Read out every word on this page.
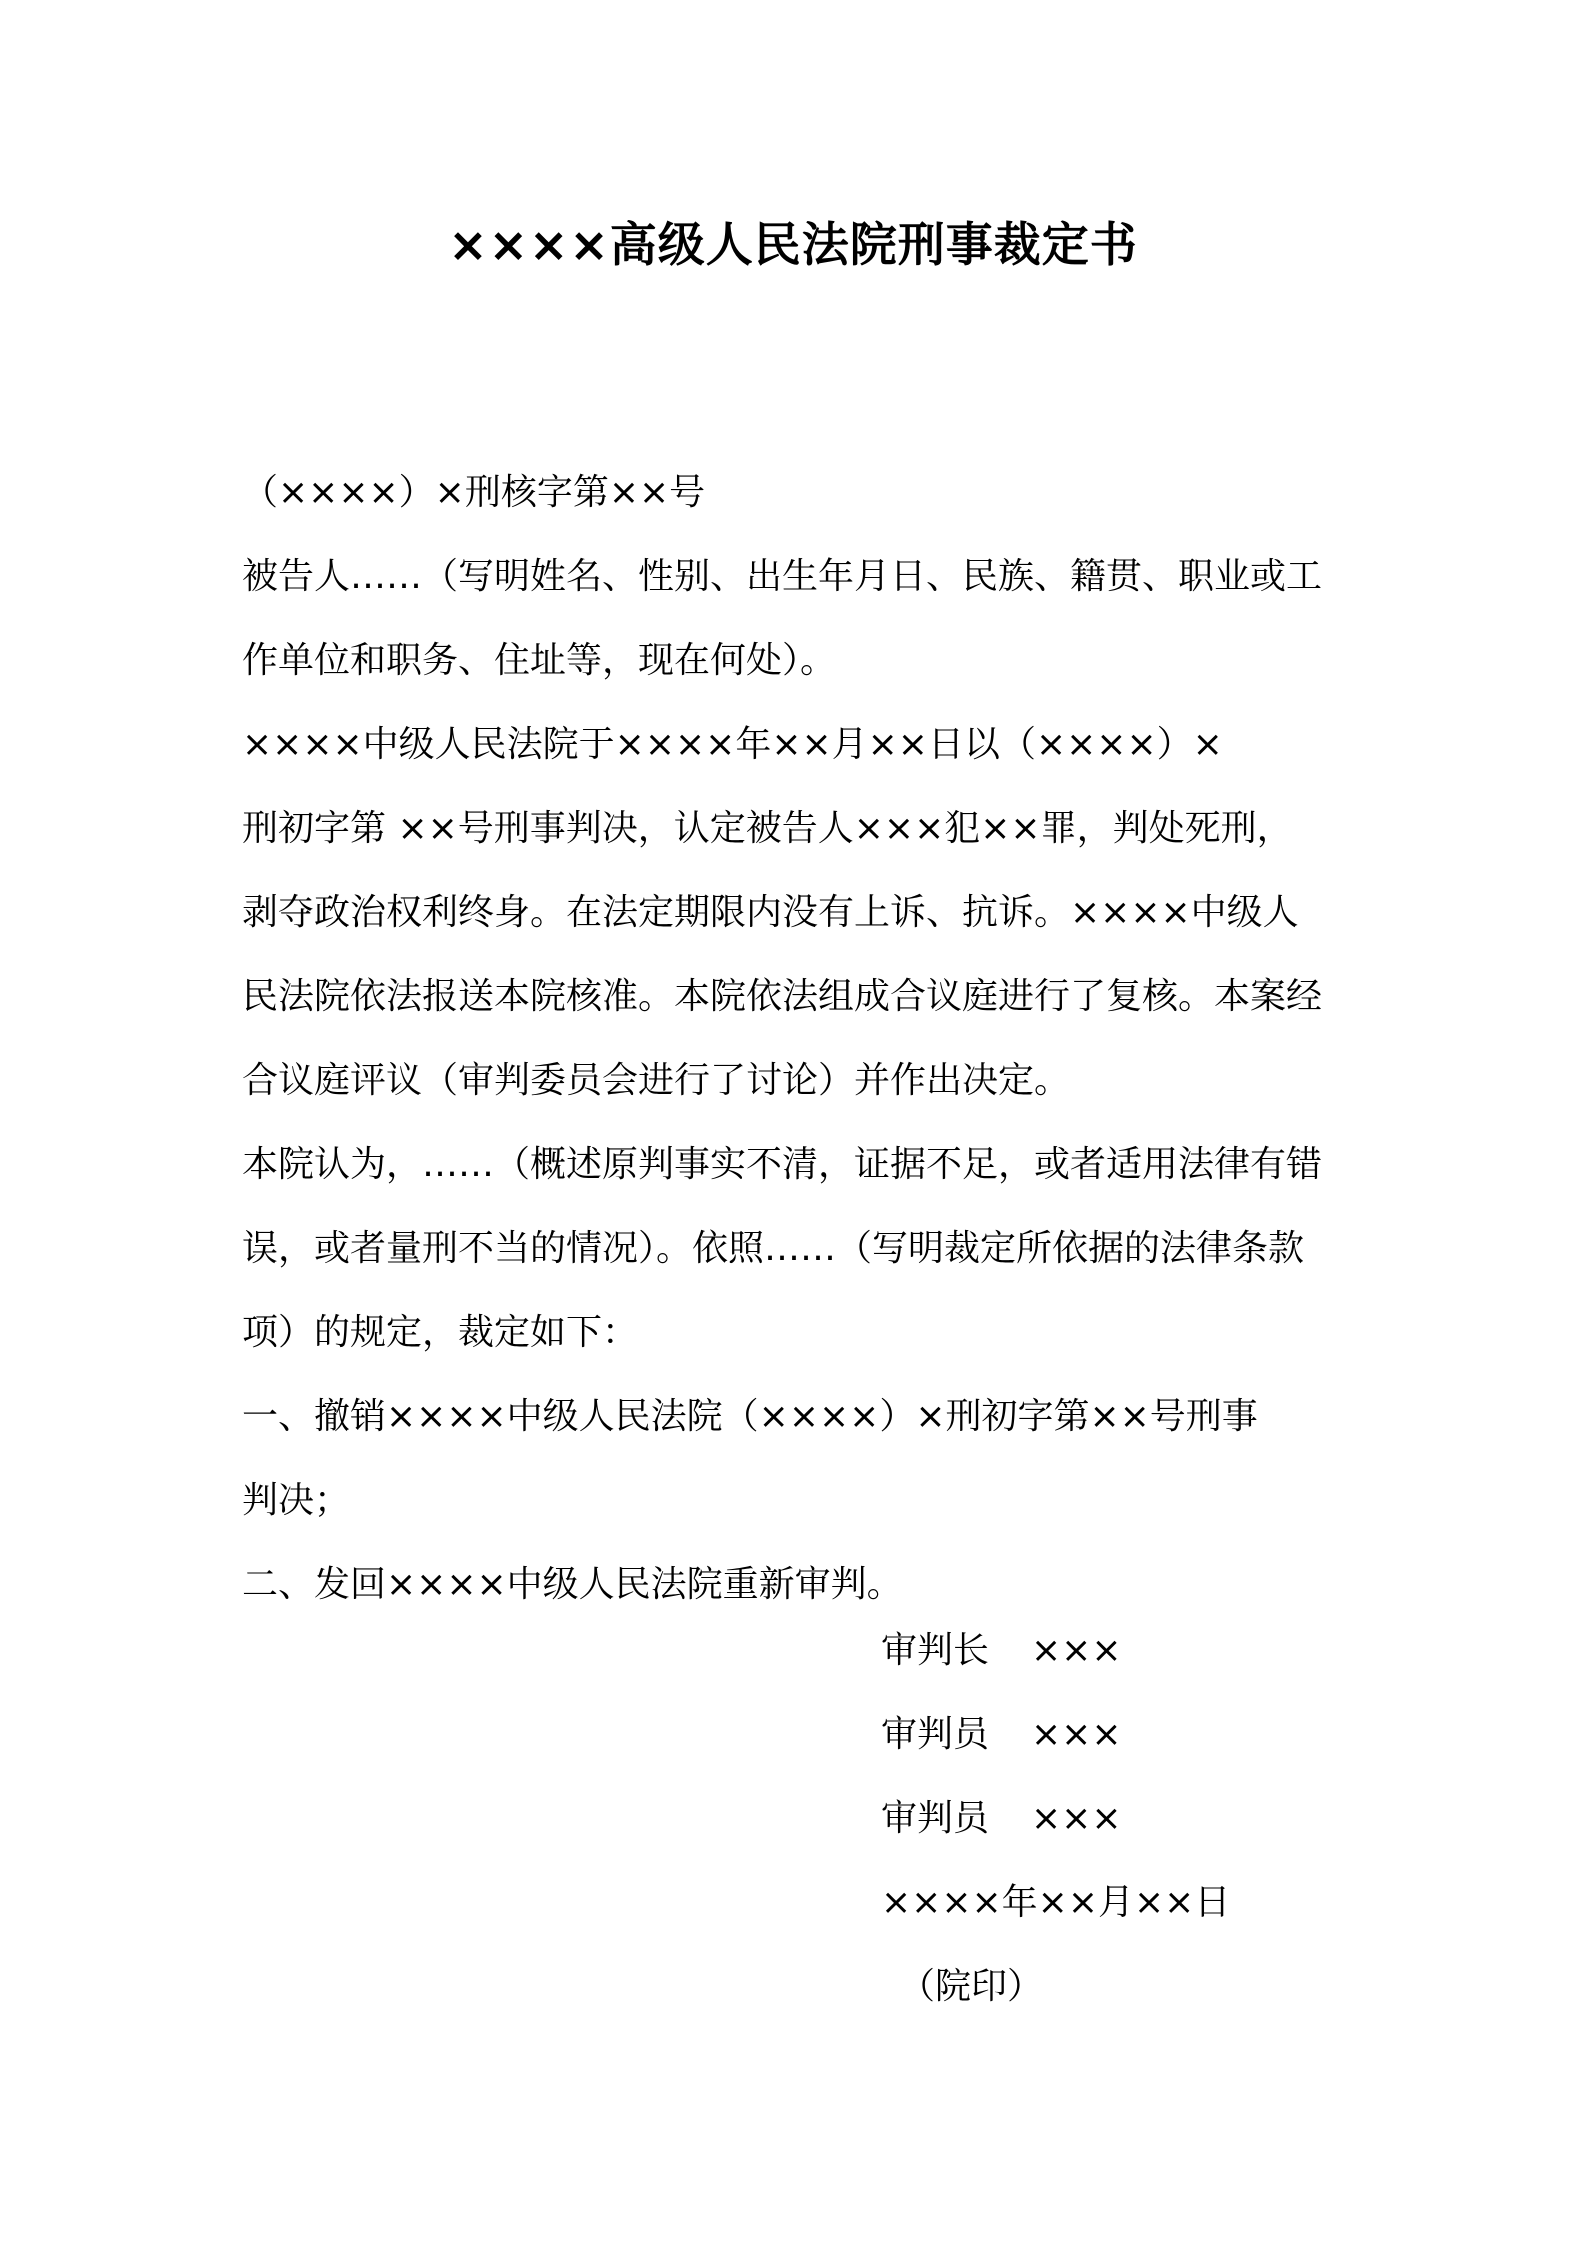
××××高级人民法院刑事裁定书
（××××）×刑核字第××号
被告人……（写明姓名、性别、出生年月日、民族、籍贯、职业或工
作单位和职务、住址等，现在何处）。
××××中级人民法院于××××年××月××日以（××××）×
刑初字第 ××号刑事判决，认定被告人×××犯××罪，判处死刑，
剥夺政治权利终身。在法定期限内没有上诉、抗诉。××××中级人
民法院依法报送本院核准。本院依法组成合议庭进行了复核。本案经
合议庭评议（审判委员会进行了讨论）并作出决定。
本院认为，……（概述原判事实不清，证据不足，或者适用法律有错
误，或者量刑不当的情况）。依照……（写明裁定所依据的法律条款
项）的规定，裁定如下：
一、撤销××××中级人民法院（××××）×刑初字第××号刑事
判决；
二、发回××××中级人民法院重新审判。
审判长 ×××
审判员 ×××
审判员 ×××
××××年××月××日
（院印）
